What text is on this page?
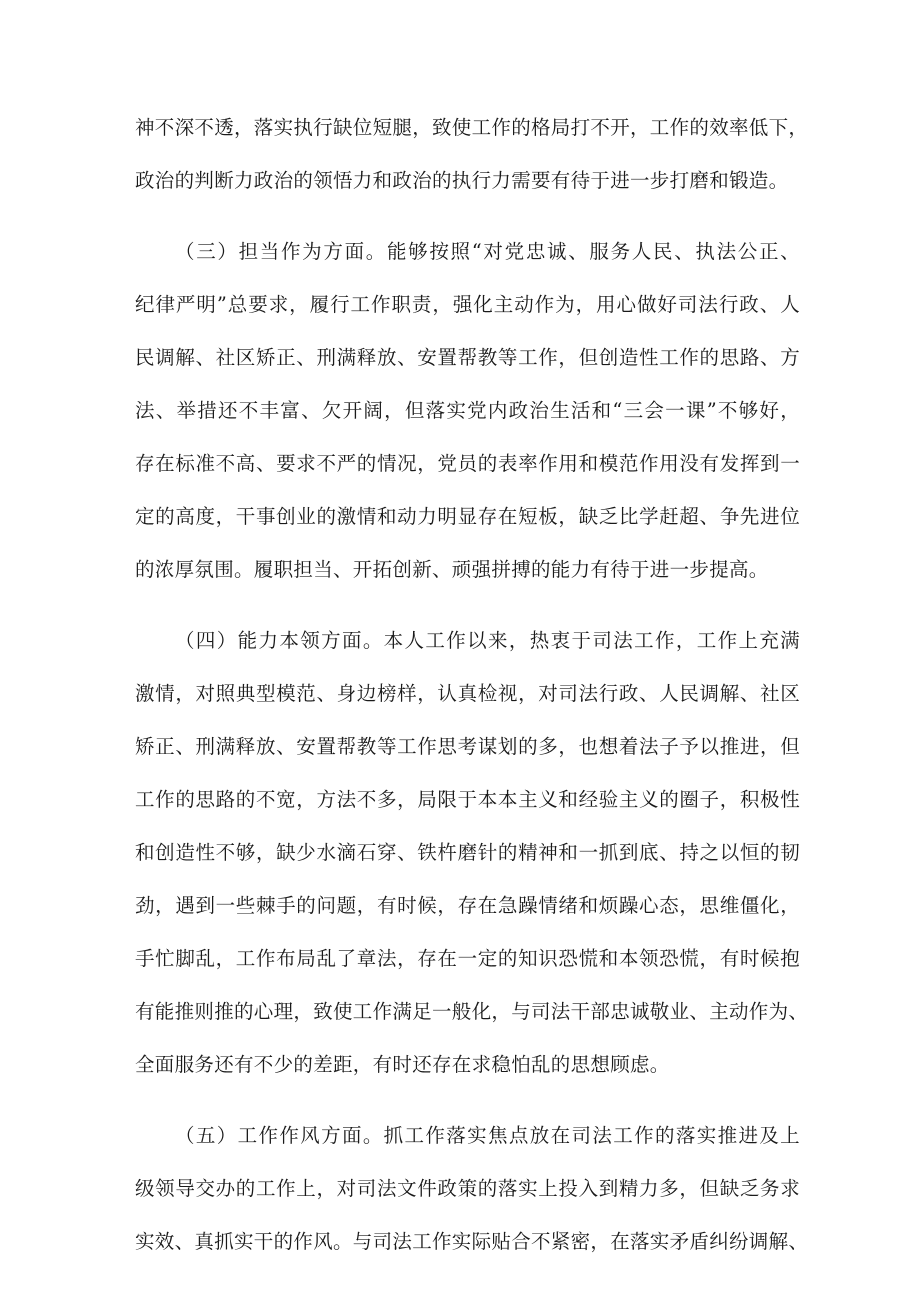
神不深不透，落实执行缺位短腿，致使工作的格局打不开，工作的效率低下，
政治的判断力政治的领悟力和政治的执行力需要有待于进一步打磨和锻造。
（三）担当作为方面。能够按照“对党忠诚、服务人民、执法公正、
纪律严明”总要求，履行工作职责，强化主动作为，用心做好司法行政、人
民调解、社区矫正、刑满释放、安置帮教等工作，但创造性工作的思路、方
法、举措还不丰富、欠开阔，但落实党内政治生活和“三会一课”不够好，
存在标准不高、要求不严的情况，党员的表率作用和模范作用没有发挥到一
定的高度，干事创业的激情和动力明显存在短板，缺乏比学赶超、争先进位
的浓厚氛围。履职担当、开拓创新、顽强拼搏的能力有待于进一步提高。
（四）能力本领方面。本人工作以来，热衷于司法工作，工作上充满
激情，对照典型模范、身边榜样，认真检视，对司法行政、人民调解、社区
矫正、刑满释放、安置帮教等工作思考谋划的多，也想着法子予以推进，但
工作的思路的不宽，方法不多，局限于本本主义和经验主义的圈子，积极性
和创造性不够，缺少水滴石穿、铁杵磨针的精神和一抓到底、持之以恒的韧
劲，遇到一些棘手的问题，有时候，存在急躁情绪和烦躁心态，思维僵化，
手忙脚乱，工作布局乱了章法，存在一定的知识恐慌和本领恐慌，有时候抱
有能推则推的心理，致使工作满足一般化，与司法干部忠诚敬业、主动作为、
全面服务还有不少的差距，有时还存在求稳怕乱的思想顾虑。
（五）工作作风方面。抓工作落实焦点放在司法工作的落实推进及上
级领导交办的工作上，对司法文件政策的落实上投入到精力多，但缺乏务求
实效、真抓实干的作风。与司法工作实际贴合不紧密，在落实矛盾纠纷调解、
